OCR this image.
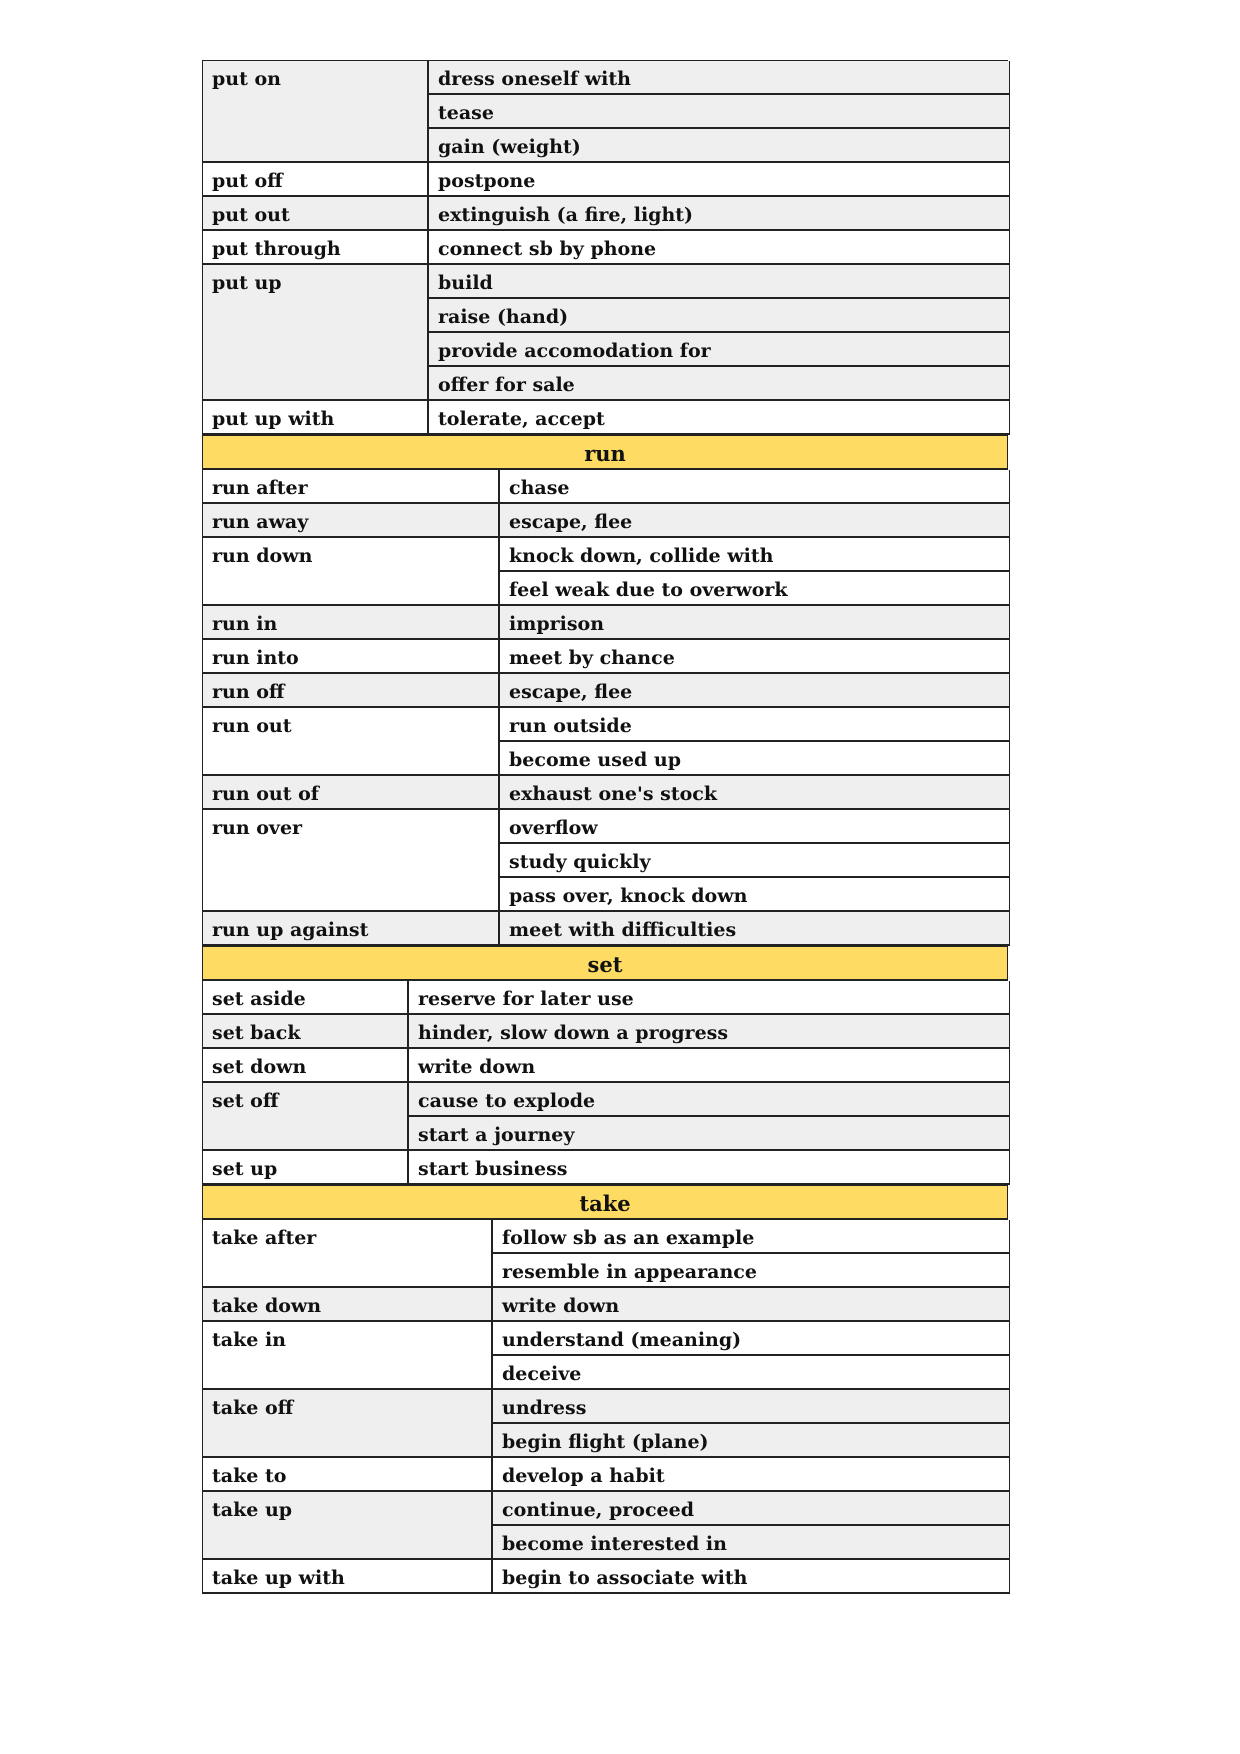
put on	dress oneself with
tease
gain (weight)
put off	postpone
put out	extinguish (a fire, light)
put through	connect sb by phone
put up	build
raise (hand)
provide accomodation for
offer for sale
put up with	tolerate, accept
run
run after	chase
run away	escape, flee
run down	knock down, collide with
feel weak due to overwork
run in	imprison
run into	meet by chance
run off	escape, flee
run out	run outside
become used up
run out of	exhaust one's stock
run over	overflow
study quickly
pass over, knock down
run up against	meet with difficulties
set
set aside	reserve for later use
set back	hinder, slow down a progress
set down	write down
set off	cause to explode
start a journey
set up	start business
take
take after	follow sb as an example
resemble in appearance
take down	write down
take in	understand (meaning)
deceive
take off	undress
begin flight (plane)
take to	develop a habit
take up	continue, proceed
become interested in
take up with	begin to associate with
